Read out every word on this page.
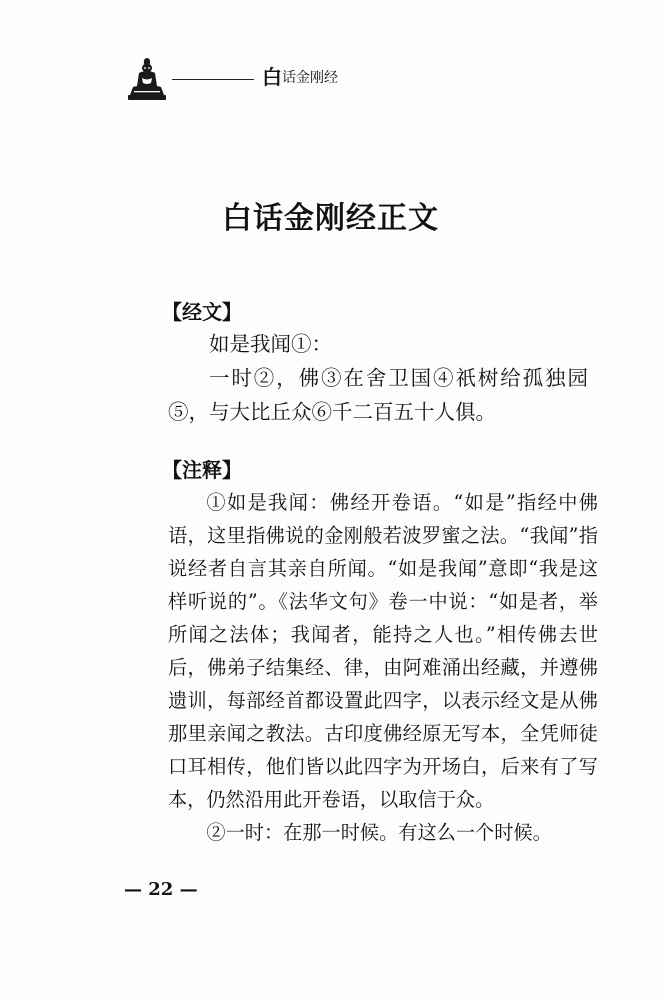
白话金刚经
白话金刚经正文
【经文】

如是我闻①：

一时②，佛③在舍卫国④祇树给孤独园⑤，与大比丘众⑥千二百五十人俱。

【注释】

①如是我闻：佛经开卷语。“如是”指经中佛语，这里指佛说的金刚般若波罗蜜之法。“我闻”指说经者自言其亲自所闻。“如是我闻”意即“我是这样听说的”。《法华文句》卷一中说：“如是者，举所闻之法体；我闻者，能持之人也。”相传佛去世后，佛弟子结集经、律，由阿难涌出经藏，并遵佛遗训，每部经首都设置此四字，以表示经文是从佛那里亲闻之教法。古印度佛经原无写本，全凭师徒口耳相传，他们皆以此四字为开场白，后来有了写本，仍然沿用此开卷语，以取信于众。

②一时：在那一时候。有这么一个时候。

— 22 —
